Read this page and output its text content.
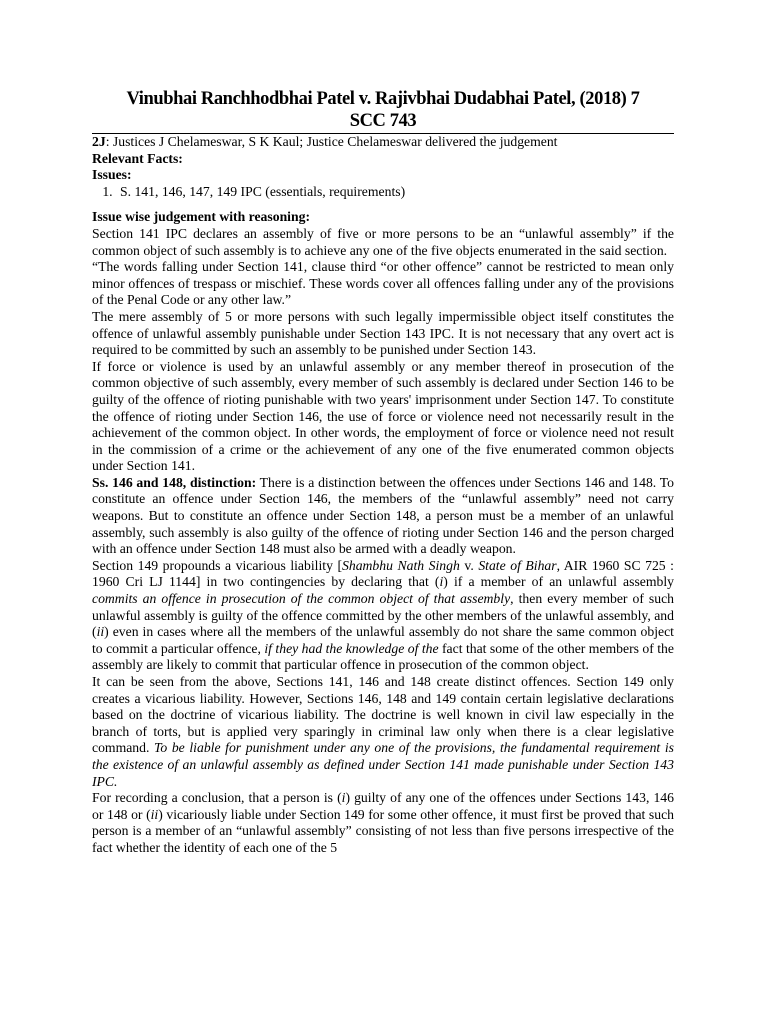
Vinubhai Ranchhodbhai Patel v. Rajivbhai Dudabhai Patel, (2018) 7
SCC 743

2J: Justices J Chelameswar, S K Kaul; Justice Chelameswar delivered the judgement

Relevant Facts:

Issues:

1. S. 141, 146, 147, 149 IPC (essentials, requirements)

Issue wise judgement with reasoning:

Section 141 IPC declares an assembly of five or more persons to be an “unlawful assembly” if the common object of such assembly is to achieve any one of the five objects enumerated in the said section.

“The words falling under Section 141, clause third “or other offence” cannot be restricted to mean only minor offences of trespass or mischief. These words cover all offences falling under any of the provisions of the Penal Code or any other law.”

The mere assembly of 5 or more persons with such legally impermissible object itself constitutes the offence of unlawful assembly punishable under Section 143 IPC. It is not necessary that any overt act is required to be committed by such an assembly to be punished under Section 143.

If force or violence is used by an unlawful assembly or any member thereof in prosecution of the common objective of such assembly, every member of such assembly is declared under Section 146 to be guilty of the offence of rioting punishable with two years' imprisonment under Section 147. To constitute the offence of rioting under Section 146, the use of force or violence need not necessarily result in the achievement of the common object. In other words, the employment of force or violence need not result in the commission of a crime or the achievement of any one of the five enumerated common objects under Section 141.

Ss. 146 and 148, distinction: There is a distinction between the offences under Sections 146 and 148. To constitute an offence under Section 146, the members of the “unlawful assembly” need not carry weapons. But to constitute an offence under Section 148, a person must be a member of an unlawful assembly, such assembly is also guilty of the offence of rioting under Section 146 and the person charged with an offence under Section 148 must also be armed with a deadly weapon.

Section 149 propounds a vicarious liability [Shambhu Nath Singh v. State of Bihar, AIR 1960 SC 725 : 1960 Cri LJ 1144] in two contingencies by declaring that (i) if a member of an unlawful assembly commits an offence in prosecution of the common object of that assembly, then every member of such unlawful assembly is guilty of the offence committed by the other members of the unlawful assembly, and (ii) even in cases where all the members of the unlawful assembly do not share the same common object to commit a particular offence, if they had the knowledge of the fact that some of the other members of the assembly are likely to commit that particular offence in prosecution of the common object.

It can be seen from the above, Sections 141, 146 and 148 create distinct offences. Section 149 only creates a vicarious liability. However, Sections 146, 148 and 149 contain certain legislative declarations based on the doctrine of vicarious liability. The doctrine is well known in civil law especially in the branch of torts, but is applied very sparingly in criminal law only when there is a clear legislative command. To be liable for punishment under any one of the provisions, the fundamental requirement is the existence of an unlawful assembly as defined under Section 141 made punishable under Section 143 IPC.

For recording a conclusion, that a person is (i) guilty of any one of the offences under Sections 143, 146 or 148 or (ii) vicariously liable under Section 149 for some other offence, it must first be proved that such person is a member of an “unlawful assembly” consisting of not less than five persons irrespective of the fact whether the identity of each one of the 5
